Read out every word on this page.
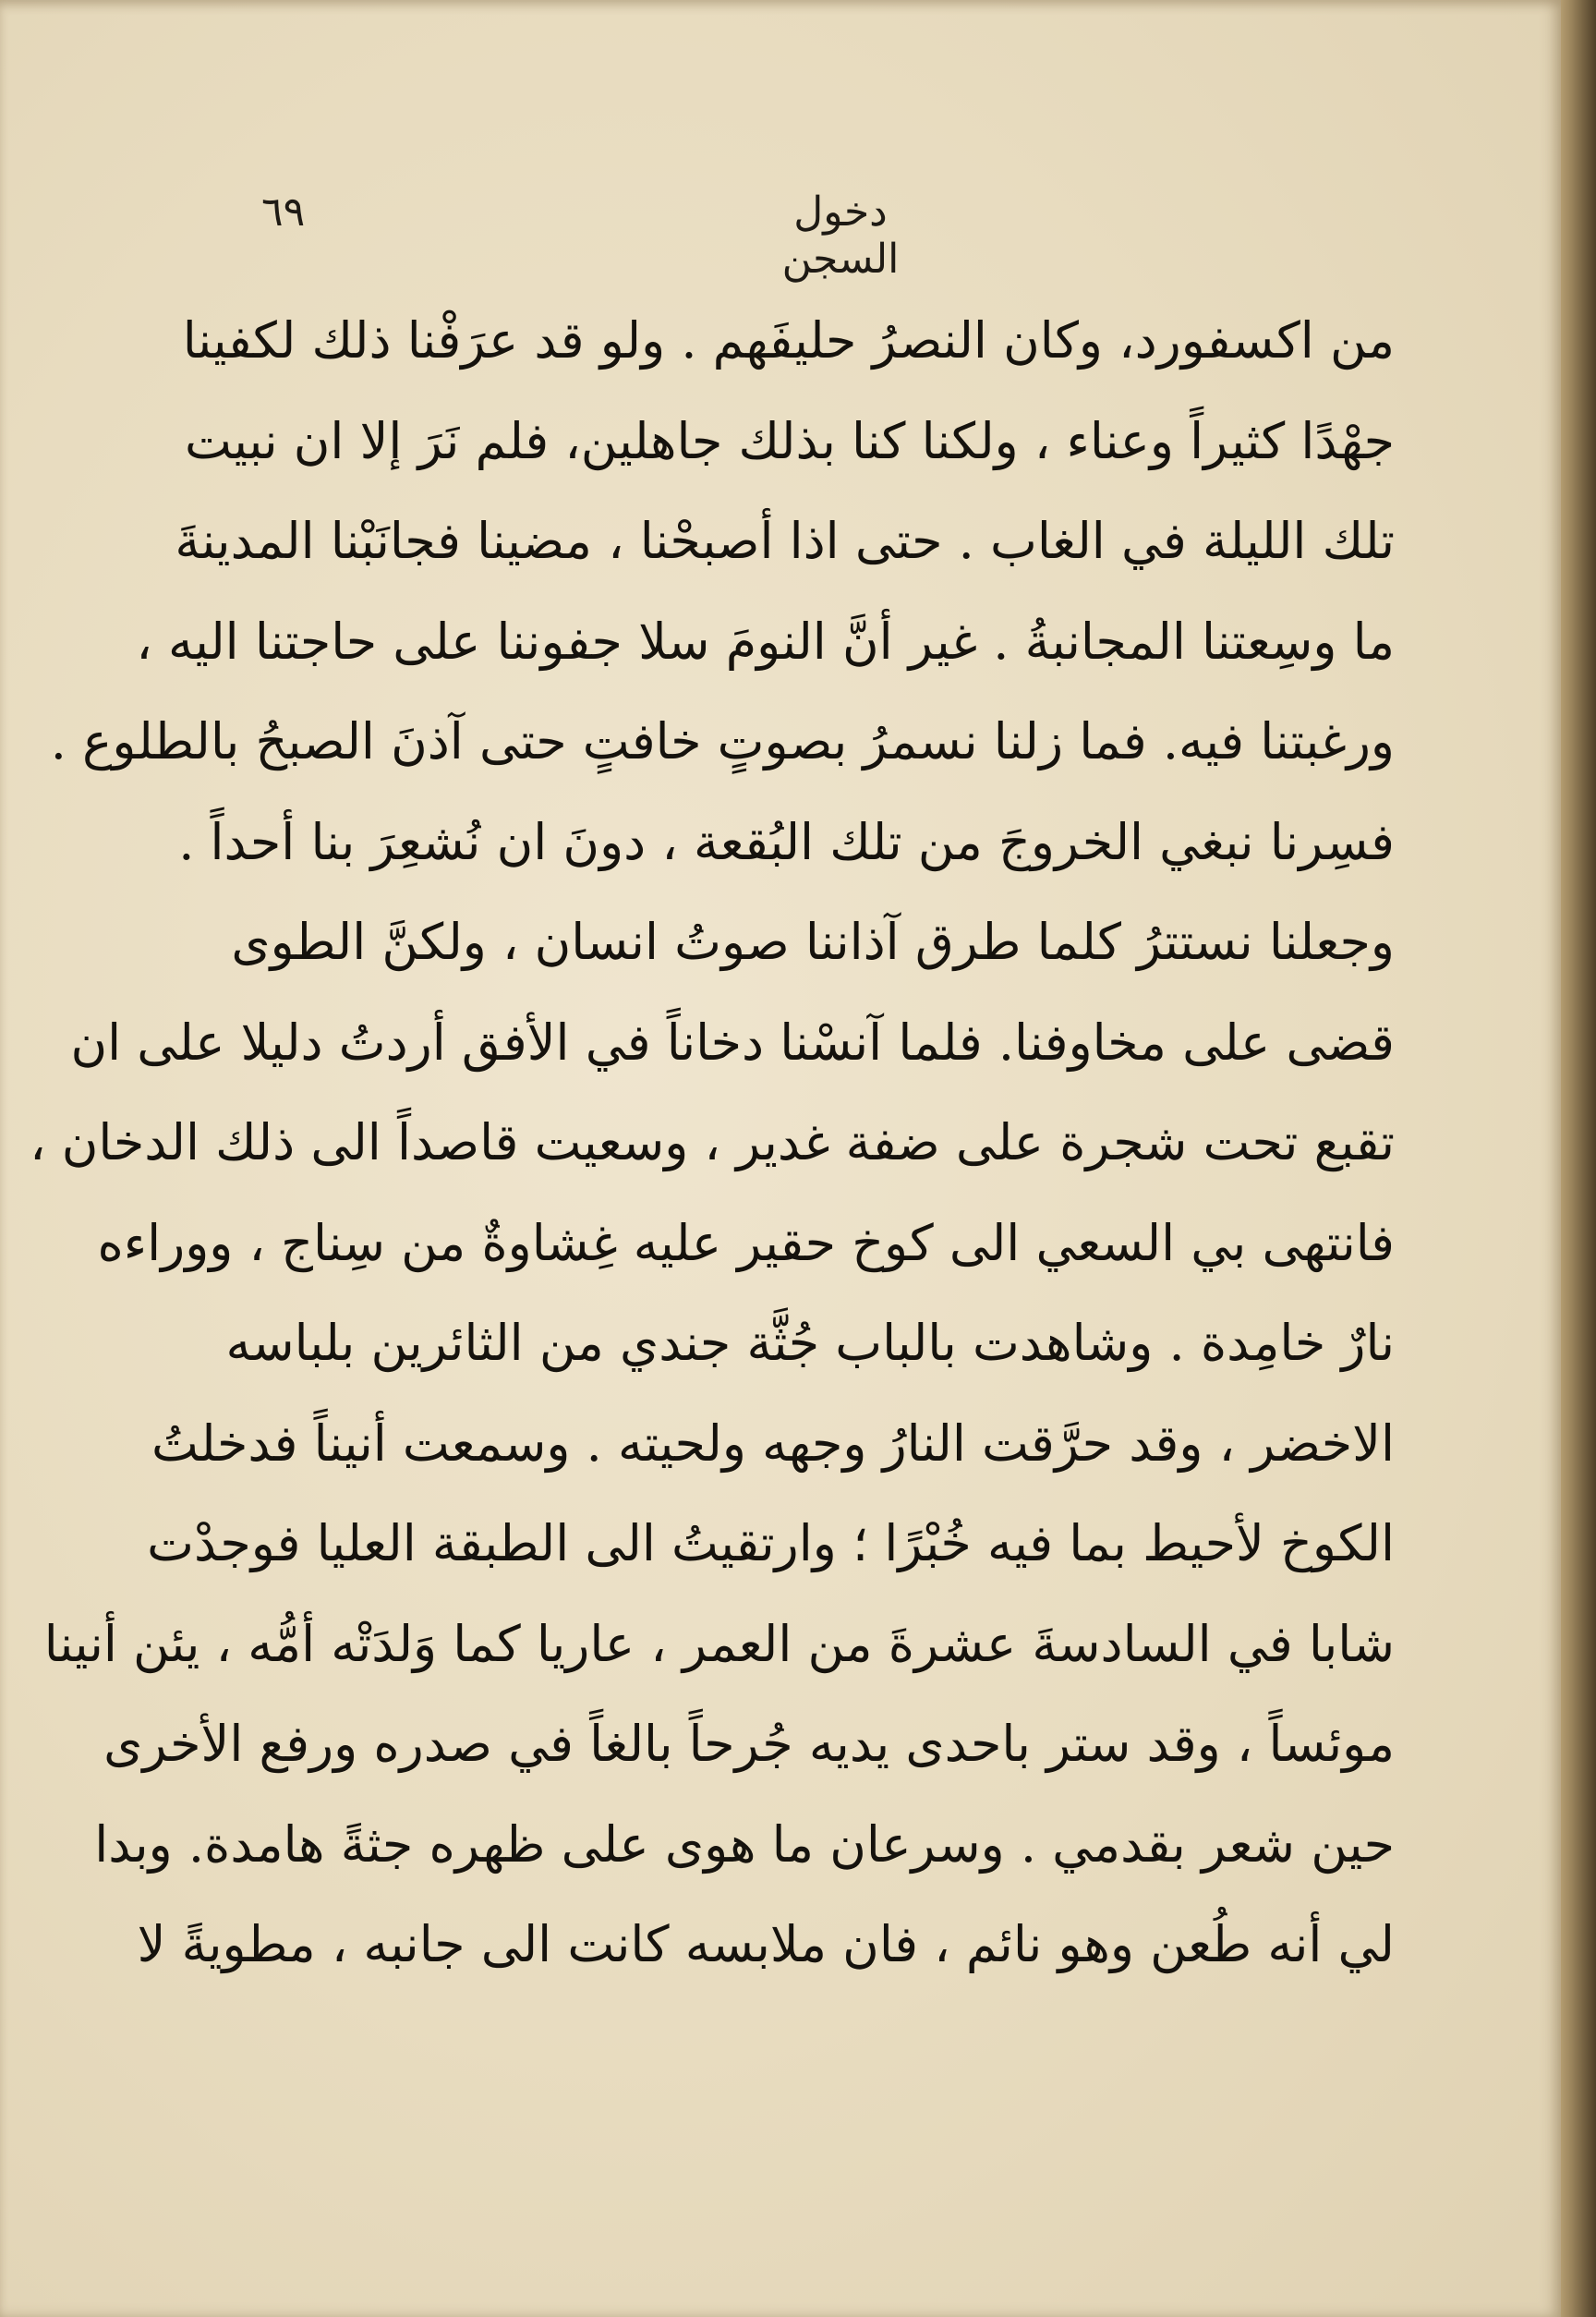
دخول السجن
٦٩
من اكسفورد، وكان النصرُ حليفَهم . ولو قد عرَفْنا ذلك لكفينا
جهْدًا كثيراً وعناء ، ولكنا كنا بذلك جاهلين، فلم نَرَ إلا ان نبيت
تلك الليلة في الغاب . حتى اذا أصبحْنا ، مضينا فجانَبْنا المدينةَ
ما وسِعتنا المجانبةُ . غير أنَّ النومَ سلا جفوننا على حاجتنا اليه ،
ورغبتنا فيه. فما زلنا نسمرُ بصوتٍ خافتٍ حتى آذنَ الصبحُ بالطلوع .
فسِرنا نبغي الخروجَ من تلك البُقعة ، دونَ ان نُشعِرَ بنا أحداً .
وجعلنا نستترُ كلما طرق آذاننا صوتُ انسان ، ولكنَّ الطوى
قضى على مخاوفنا. فلما آنسْنا دخاناً في الأفق أردتُ دليلا على ان
تقبع تحت شجرة على ضفة غدير ، وسعيت قاصداً الى ذلك الدخان ،
فانتهى بي السعي الى كوخ حقير عليه غِشاوةٌ من سِناج ، ووراءه
نارٌ خامِدة . وشاهدت بالباب جُثَّة جندي من الثائرين بلباسه
الاخضر ، وقد حرَّقت النارُ وجهه ولحيته . وسمعت أنيناً فدخلتُ
الكوخ لأحيط بما فيه خُبْرًا ؛ وارتقيتُ الى الطبقة العليا فوجدْت
شابا في السادسةَ عشرةَ من العمر ، عاريا كما وَلدَتْه أمُّه ، يئن أنينا
موئساً ، وقد ستر باحدى يديه جُرحاً بالغاً في صدره ورفع الأخرى
حين شعر بقدمي . وسرعان ما هوى على ظهره جثةً هامدة. وبدا
لي أنه طُعن وهو نائم ، فان ملابسه كانت الى جانبه ، مطويةً لا
